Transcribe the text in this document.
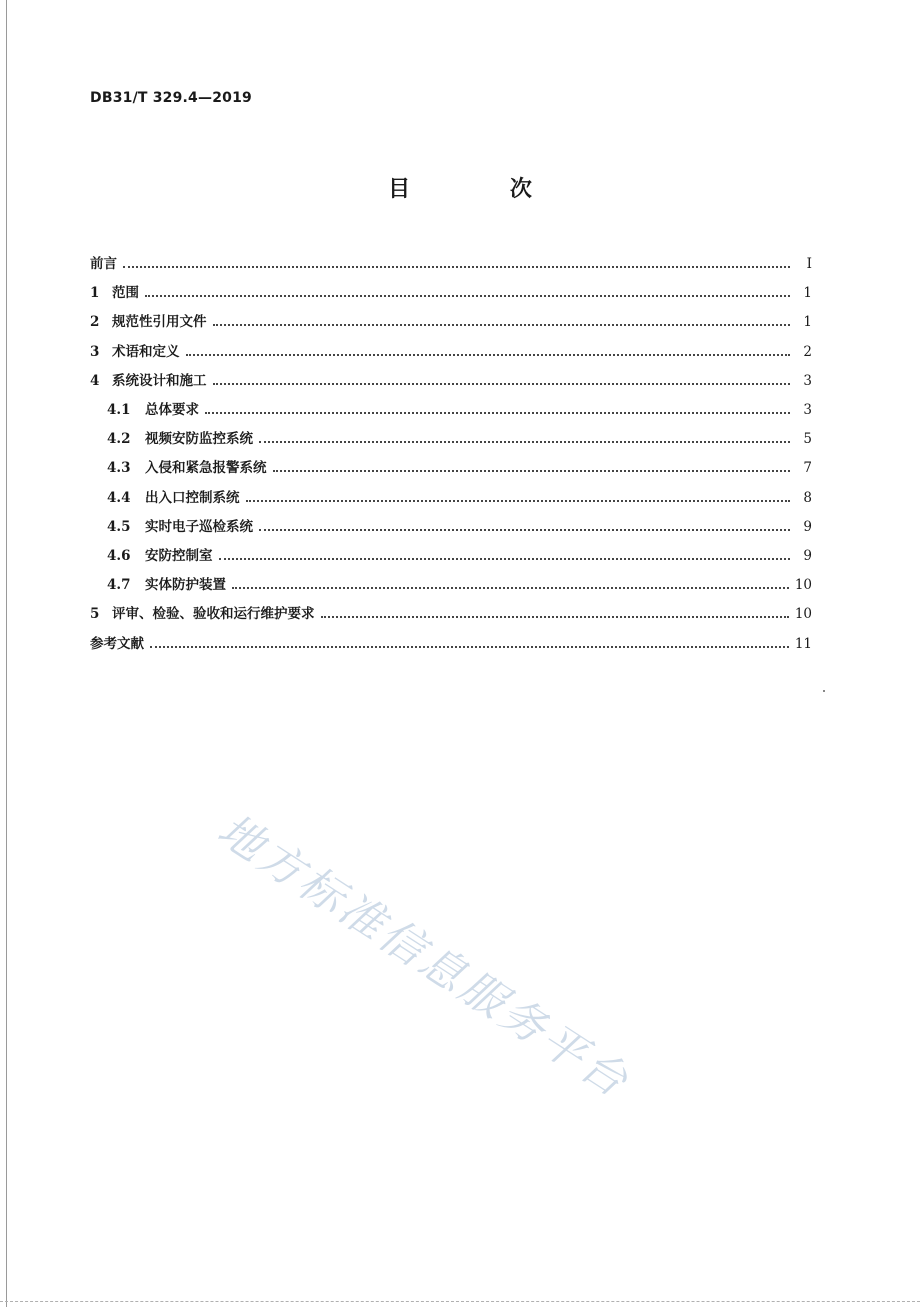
DB31/T 329.4—2019
目 次
前言	Ⅰ
1 范围	1
2 规范性引用文件	1
3 术语和定义	2
4 系统设计和施工	3
4.1	总体要求	3
4.2	视频安防监控系统	5
4.3	入侵和紧急报警系统	7
4.4	出入口控制系统	8
4.5	实时电子巡检系统	9
4.6	安防控制室	9
4.7	实体防护装置	10
5 评审、检验、验收和运行维护要求	10
参考文献	11
地方标准信息服务平台
